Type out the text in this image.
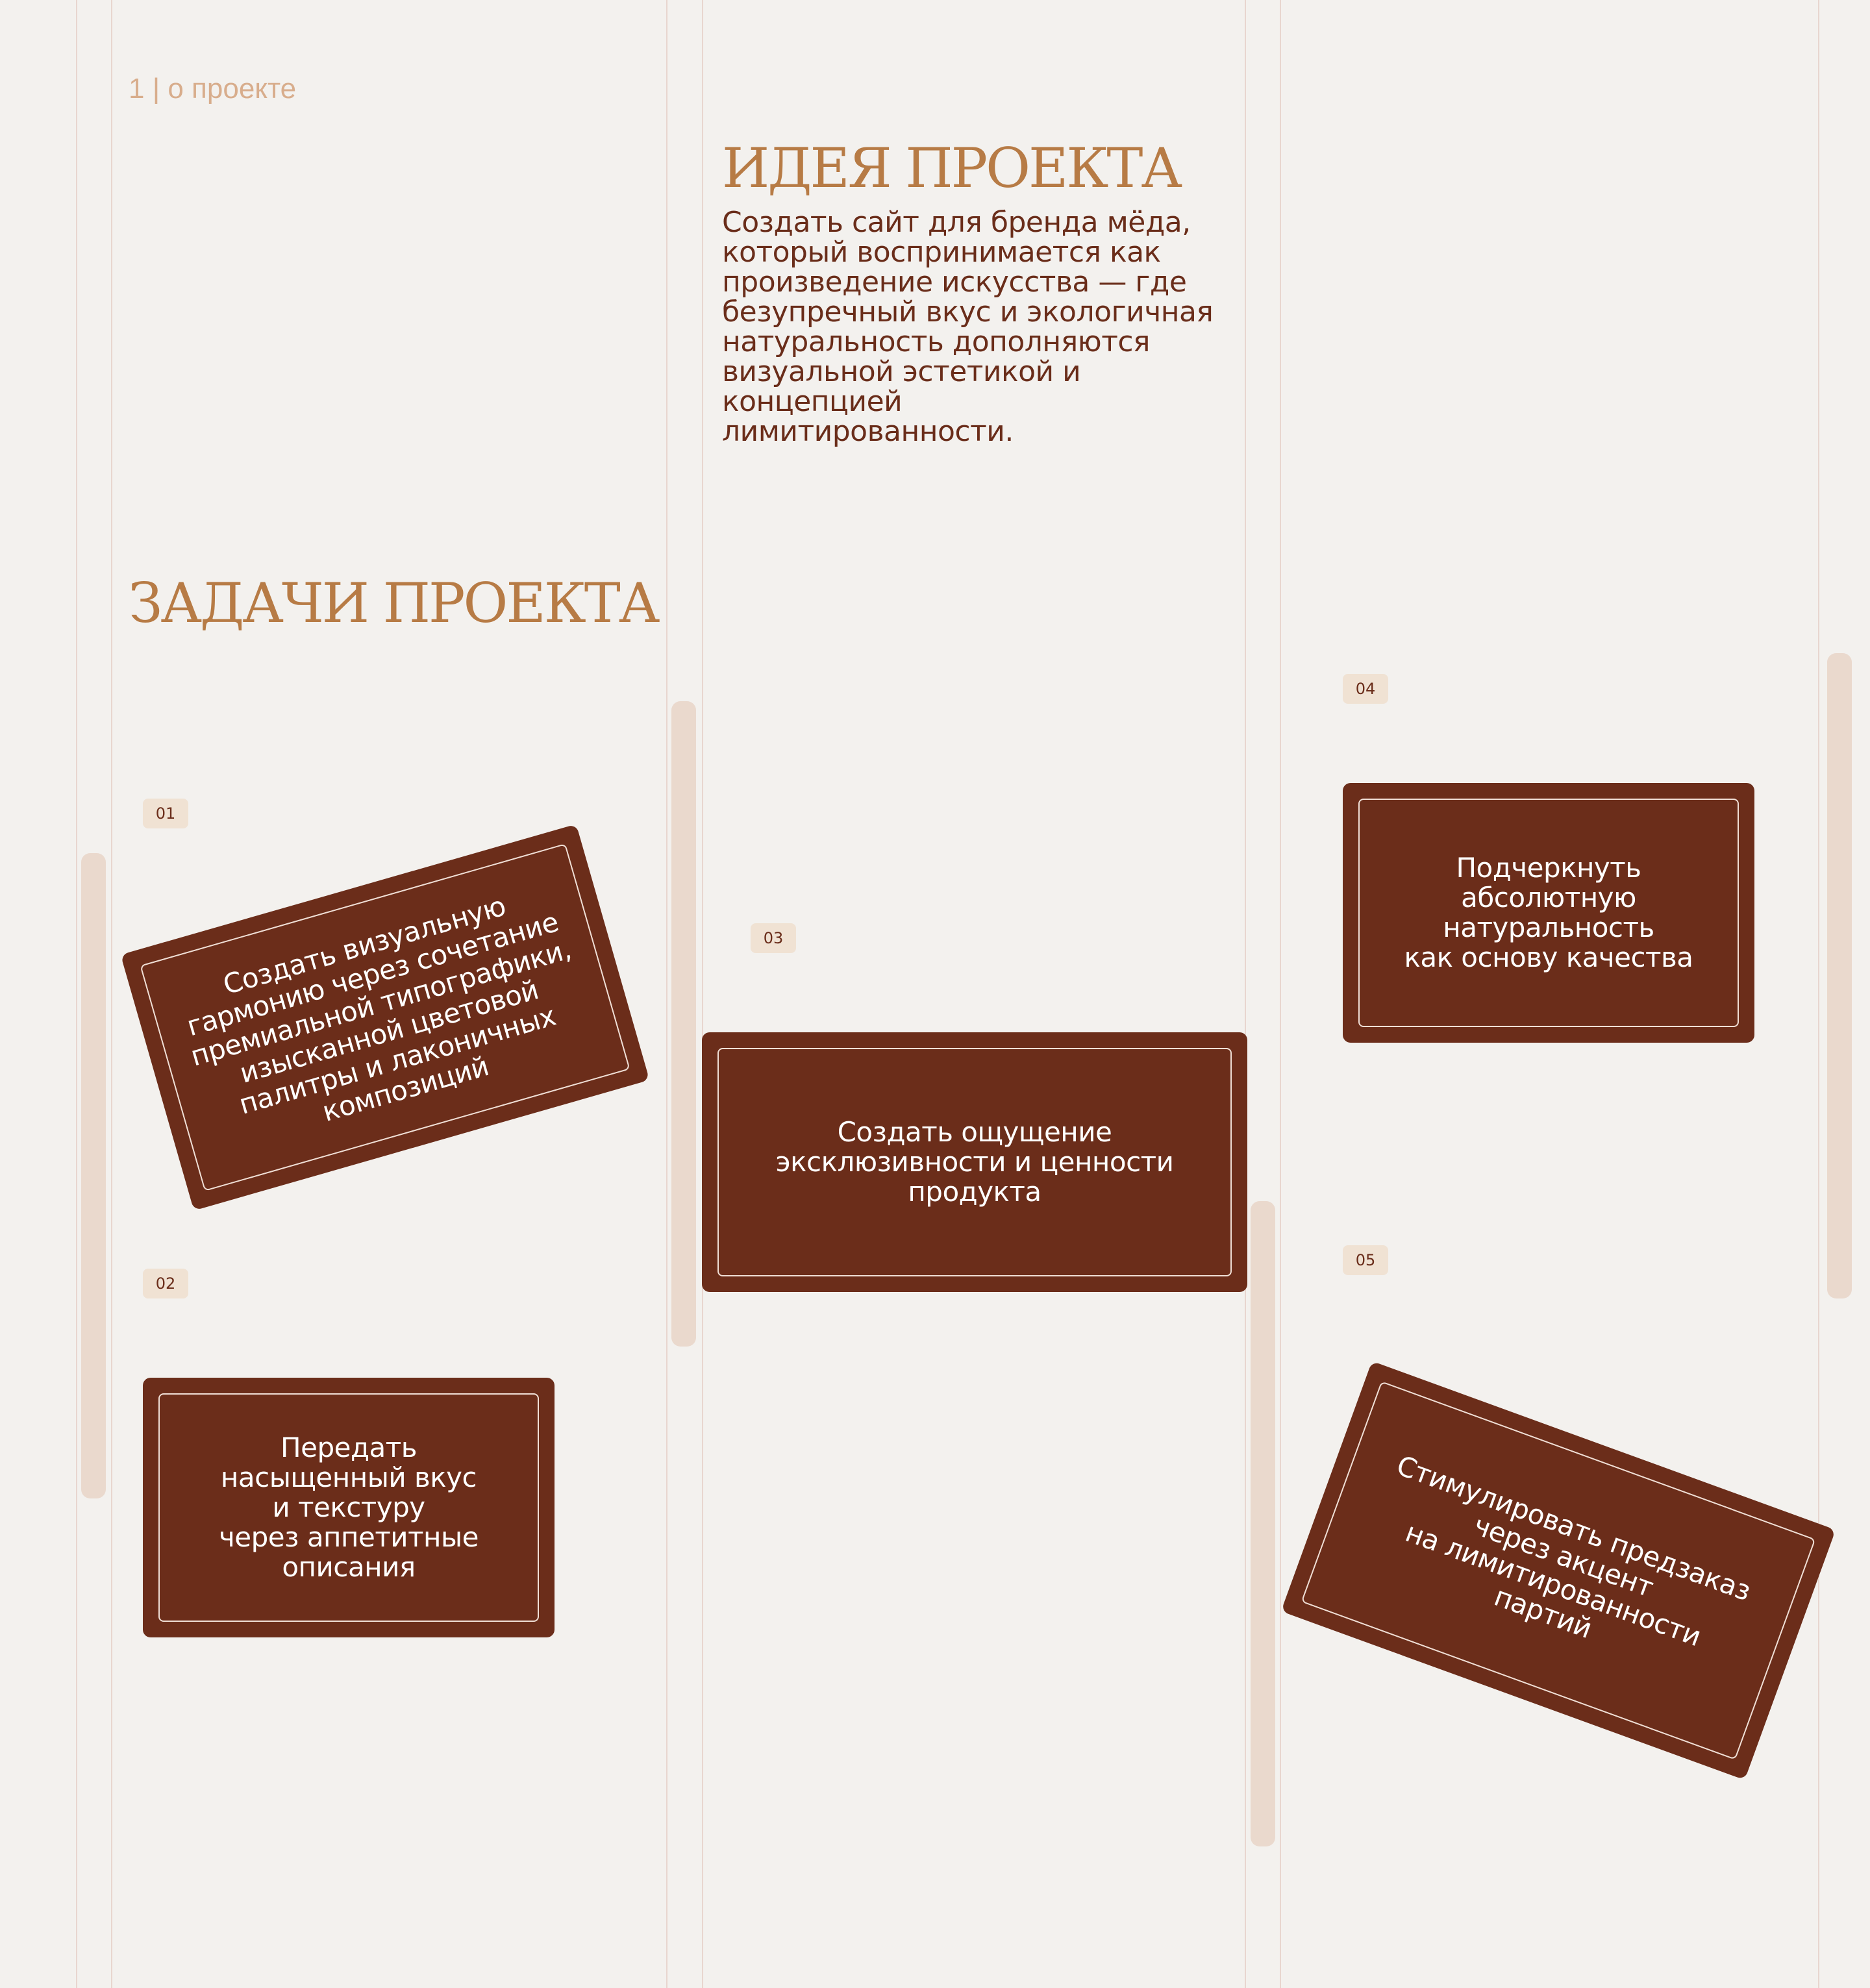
1 | о проекте
ИДЕЯ ПРОЕКТА
Создать сайт для бренда мёда,
который воспринимается как
произведение искусства — где
безупречный вкус и экологичная
натуральность дополняются
визуальной эстетикой и концепцией
лимитированности.
ЗАДАЧИ ПРОЕКТА
01
Создать визуальную
гармонию через сочетание
премиальной типографики,
изысканной цветовой
палитры и лаконичных
композиций
02
Передать
насыщенный вкус
и текстуру
через аппетитные
описания
03
Создать ощущение
эксклюзивности и ценности
продукта
04
Подчеркнуть
абсолютную
натуральность
как основу качества
05
Стимулировать предзаказ
через акцент
на лимитированности
партий
